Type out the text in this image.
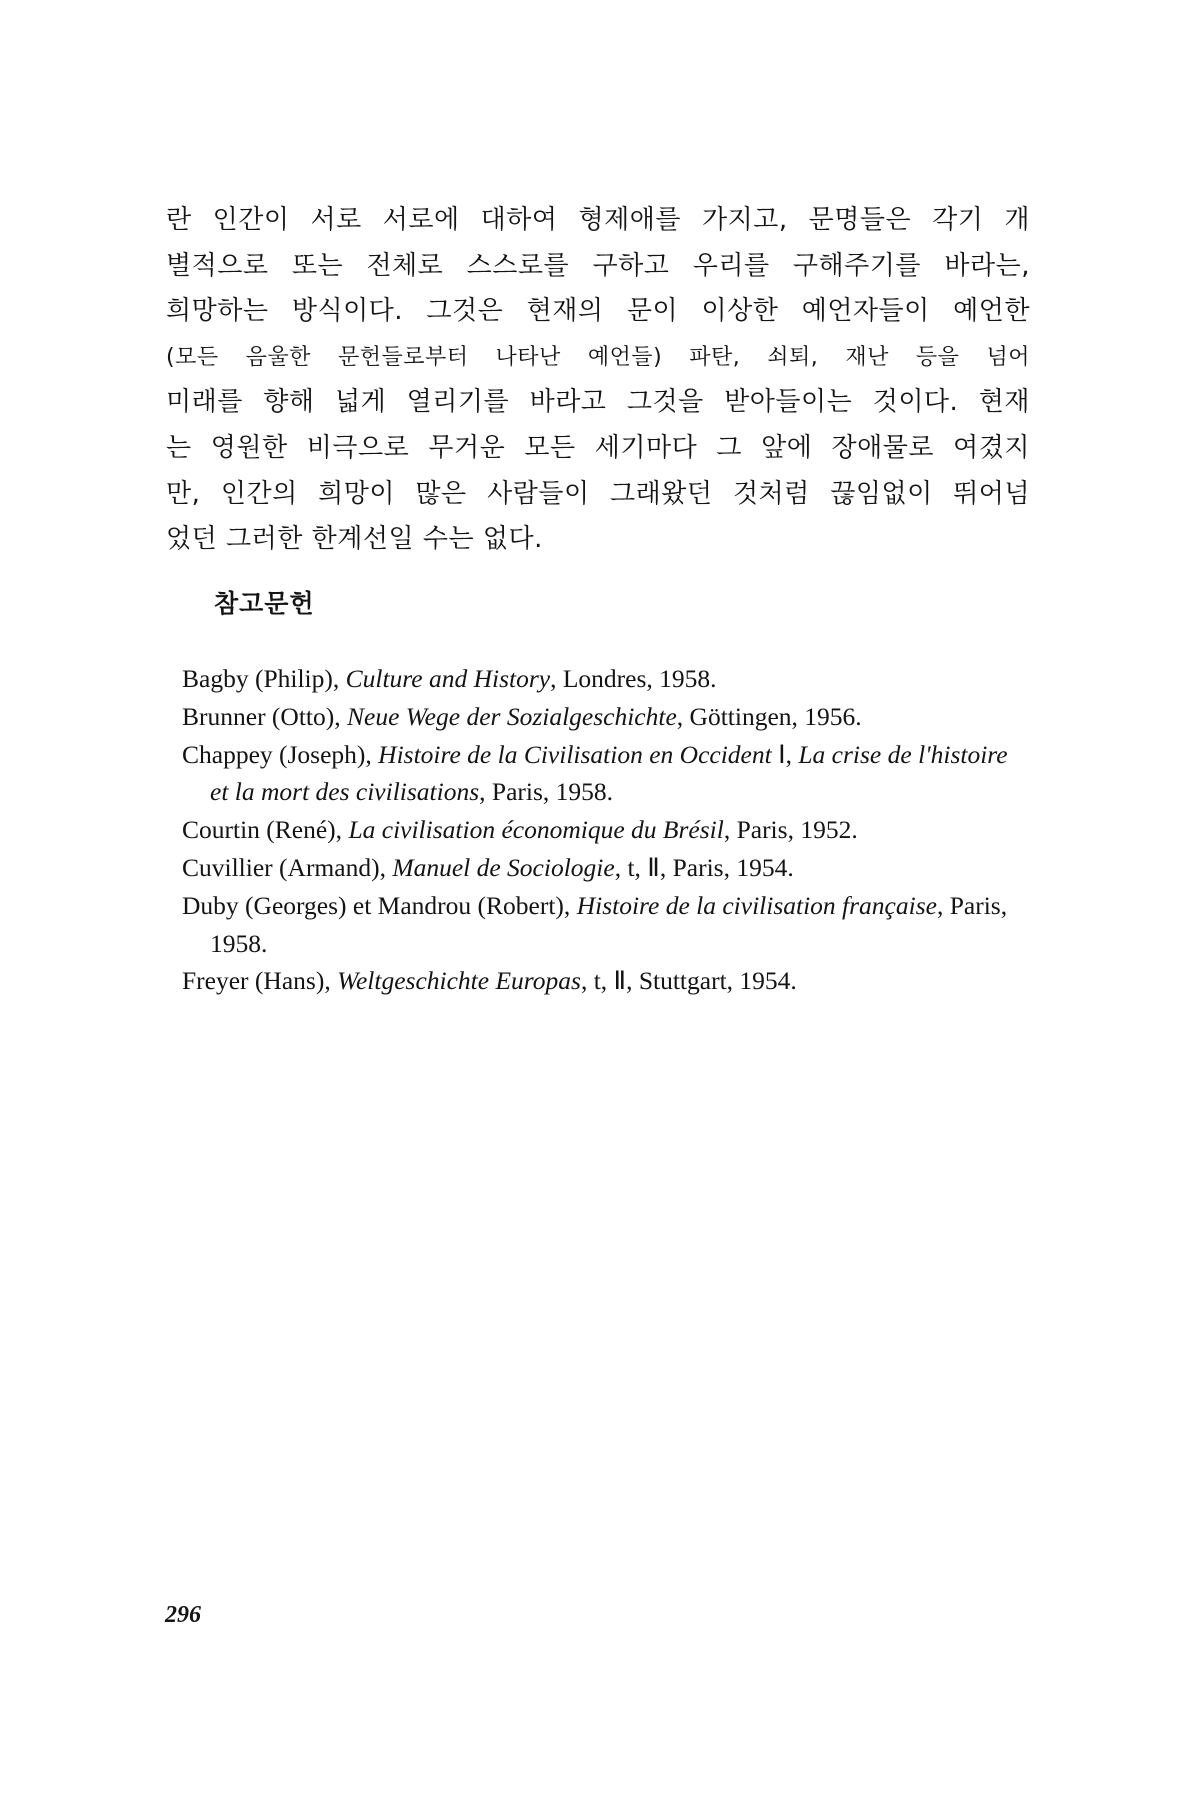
란 인간이 서로 서로에 대하여 형제애를 가지고, 문명들은 각기 개
별적으로 또는 전체로 스스로를 구하고 우리를 구해주기를 바라는,
희망하는 방식이다. 그것은 현재의 문이 이상한 예언자들이 예언한
(모든 음울한 문헌들로부터 나타난 예언들) 파탄, 쇠퇴, 재난 등을 넘어
미래를 향해 넓게 열리기를 바라고 그것을 받아들이는 것이다. 현재
는 영원한 비극으로 무거운 모든 세기마다 그 앞에 장애물로 여겼지
만, 인간의 희망이 많은 사람들이 그래왔던 것처럼 끊임없이 뛰어넘
었던 그러한 한계선일 수는 없다.
참고문헌
Bagby (Philip), Culture and History, Londres, 1958.
Brunner (Otto), Neue Wege der Sozialgeschichte, Göttingen, 1956.
Chappey (Joseph), Histoire de la Civilisation en Occident Ⅰ, La crise de l'histoire et la mort des civilisations, Paris, 1958.
Courtin (René), La civilisation économique du Brésil, Paris, 1952.
Cuvillier (Armand), Manuel de Sociologie, t, Ⅱ, Paris, 1954.
Duby (Georges) et Mandrou (Robert), Histoire de la civilisation française, Paris, 1958.
Freyer (Hans), Weltgeschichte Europas, t, Ⅱ, Stuttgart, 1954.
296
